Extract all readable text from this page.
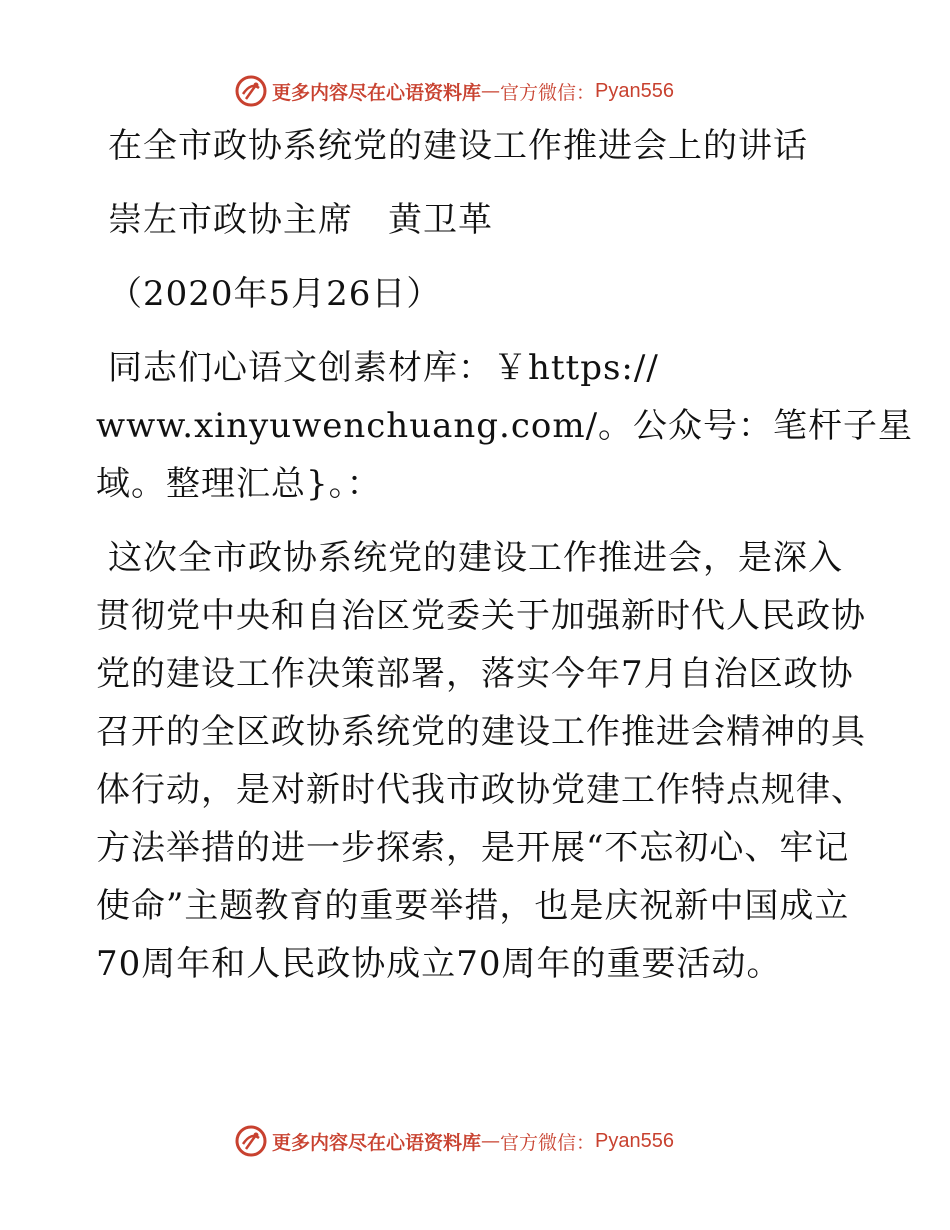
更多内容尽在心语资料库 — 官方微信： Pyan556
在全市政协系统党的建设工作推进会上的讲话
崇左市政协主席　黄卫革
（2020年5月26日）
同志们心语文创素材库：￥https://
www.xinyuwenchuang.com/。公众号：笔杆子星
域。整理汇总}。：
这次全市政协系统党的建设工作推进会，是深入
贯彻党中央和自治区党委关于加强新时代人民政协
党的建设工作决策部署，落实今年7月自治区政协
召开的全区政协系统党的建设工作推进会精神的具
体行动，是对新时代我市政协党建工作特点规律、
方法举措的进一步探索，是开展“不忘初心、牢记
使命”主题教育的重要举措，也是庆祝新中国成立
70周年和人民政协成立70周年的重要活动。
更多内容尽在心语资料库 — 官方微信： Pyan556
